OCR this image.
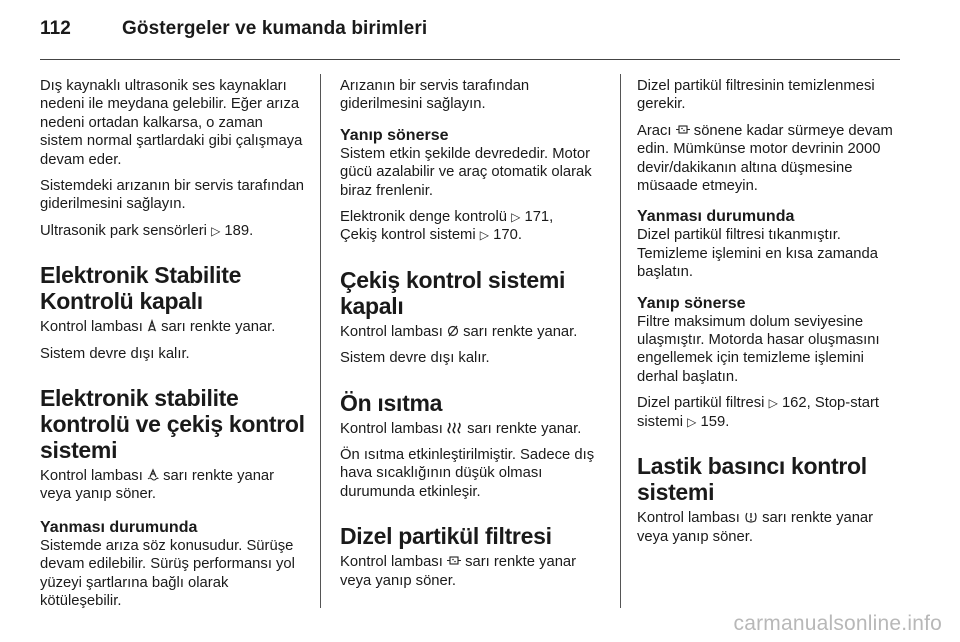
112	Göstergeler ve kumanda birimleri

Dış kaynaklı ultrasonik ses kaynakları nedeni ile meydana gelebilir. Eğer arıza nedeni ortadan kalkarsa, o zaman sistem normal şartlardaki gibi çalışmaya devam eder.

Sistemdeki arızanın bir servis tarafından giderilmesini sağlayın.

Ultrasonik park sensörleri ▷ 189.

Elektronik Stabilite Kontrolü kapalı

Kontrol lambası sarı renkte yanar.

Sistem devre dışı kalır.

Elektronik stabilite kontrolü ve çekiş kontrol sistemi

Kontrol lambası sarı renkte yanar veya yanıp söner.

Yanması durumunda

Sistemde arıza söz konusudur. Sürüşe devam edilebilir. Sürüş performansı yol yüzeyi şartlarına bağlı olarak kötüleşebilir.

Arızanın bir servis tarafından giderilmesini sağlayın.

Yanıp sönerse

Sistem etkin şekilde devrededir. Motor gücü azalabilir ve araç otomatik olarak biraz frenlenir.

Elektronik denge kontrolü ▷ 171,
Çekiş kontrol sistemi ▷ 170.

Çekiş kontrol sistemi kapalı

Kontrol lambası sarı renkte yanar.

Sistem devre dışı kalır.

Ön ısıtma

Kontrol lambası sarı renkte yanar.

Ön ısıtma etkinleştirilmiştir. Sadece dış hava sıcaklığının düşük olması durumunda etkinleşir.

Dizel partikül filtresi

Kontrol lambası sarı renkte yanar veya yanıp söner.

Dizel partikül filtresinin temizlenmesi gerekir.

Aracı sönene kadar sürmeye devam edin. Mümkünse motor devrinin 2000 devir/dakikanın altına düşmesine müsaade etmeyin.

Yanması durumunda

Dizel partikül filtresi tıkanmıştır. Temizleme işlemini en kısa zamanda başlatın.

Yanıp sönerse

Filtre maksimum dolum seviyesine ulaşmıştır. Motorda hasar oluşmasını engellemek için temizleme işlemini derhal başlatın.

Dizel partikül filtresi ▷ 162, Stop-start
sistemi ▷ 159.

Lastik basıncı kontrol sistemi

Kontrol lambası sarı renkte yanar veya yanıp söner.

carmanualsonline.info
